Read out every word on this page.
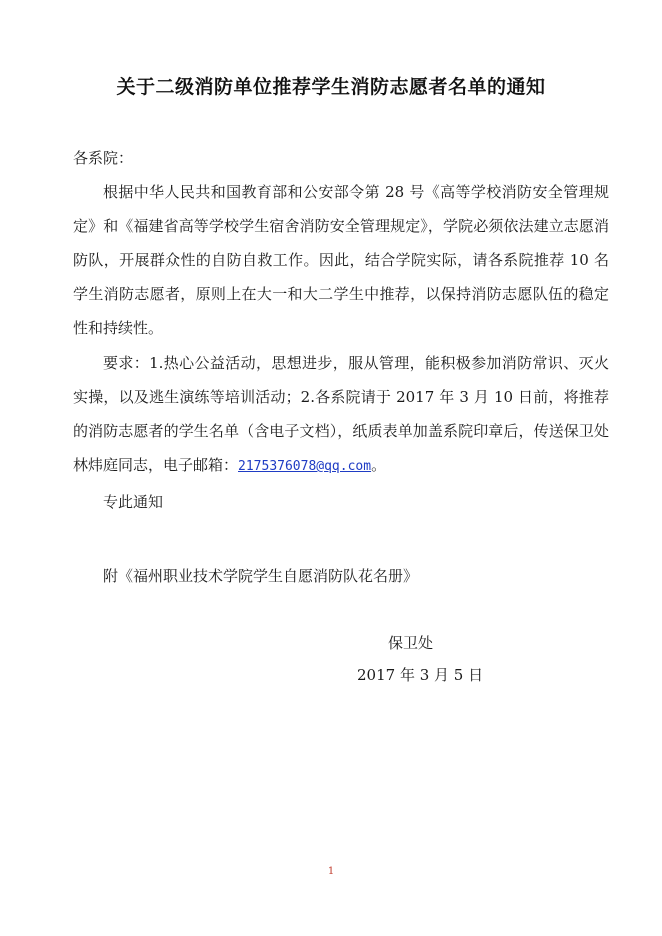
关于二级消防单位推荐学生消防志愿者名单的通知
各系院：

根据中华人民共和国教育部和公安部令第 28 号《高等学校消防安全管理规定》和《福建省高等学校学生宿舍消防安全管理规定》，学院必须依法建立志愿消防队，开展群众性的自防自救工作。因此，结合学院实际，请各系院推荐 10 名学生消防志愿者，原则上在大一和大二学生中推荐，以保持消防志愿队伍的稳定性和持续性。

要求：1.热心公益活动，思想进步，服从管理，能积极参加消防常识、灭火实操，以及逃生演练等培训活动；2.各系院请于 2017 年 3 月 10 日前，将推荐的消防志愿者的学生名单（含电子文档），纸质表单加盖系院印章后，传送保卫处林炜庭同志，电子邮箱：2175376078@qq.com。

专此通知
附《福州职业技术学院学生自愿消防队花名册》
保卫处
2017 年 3 月 5 日
1
